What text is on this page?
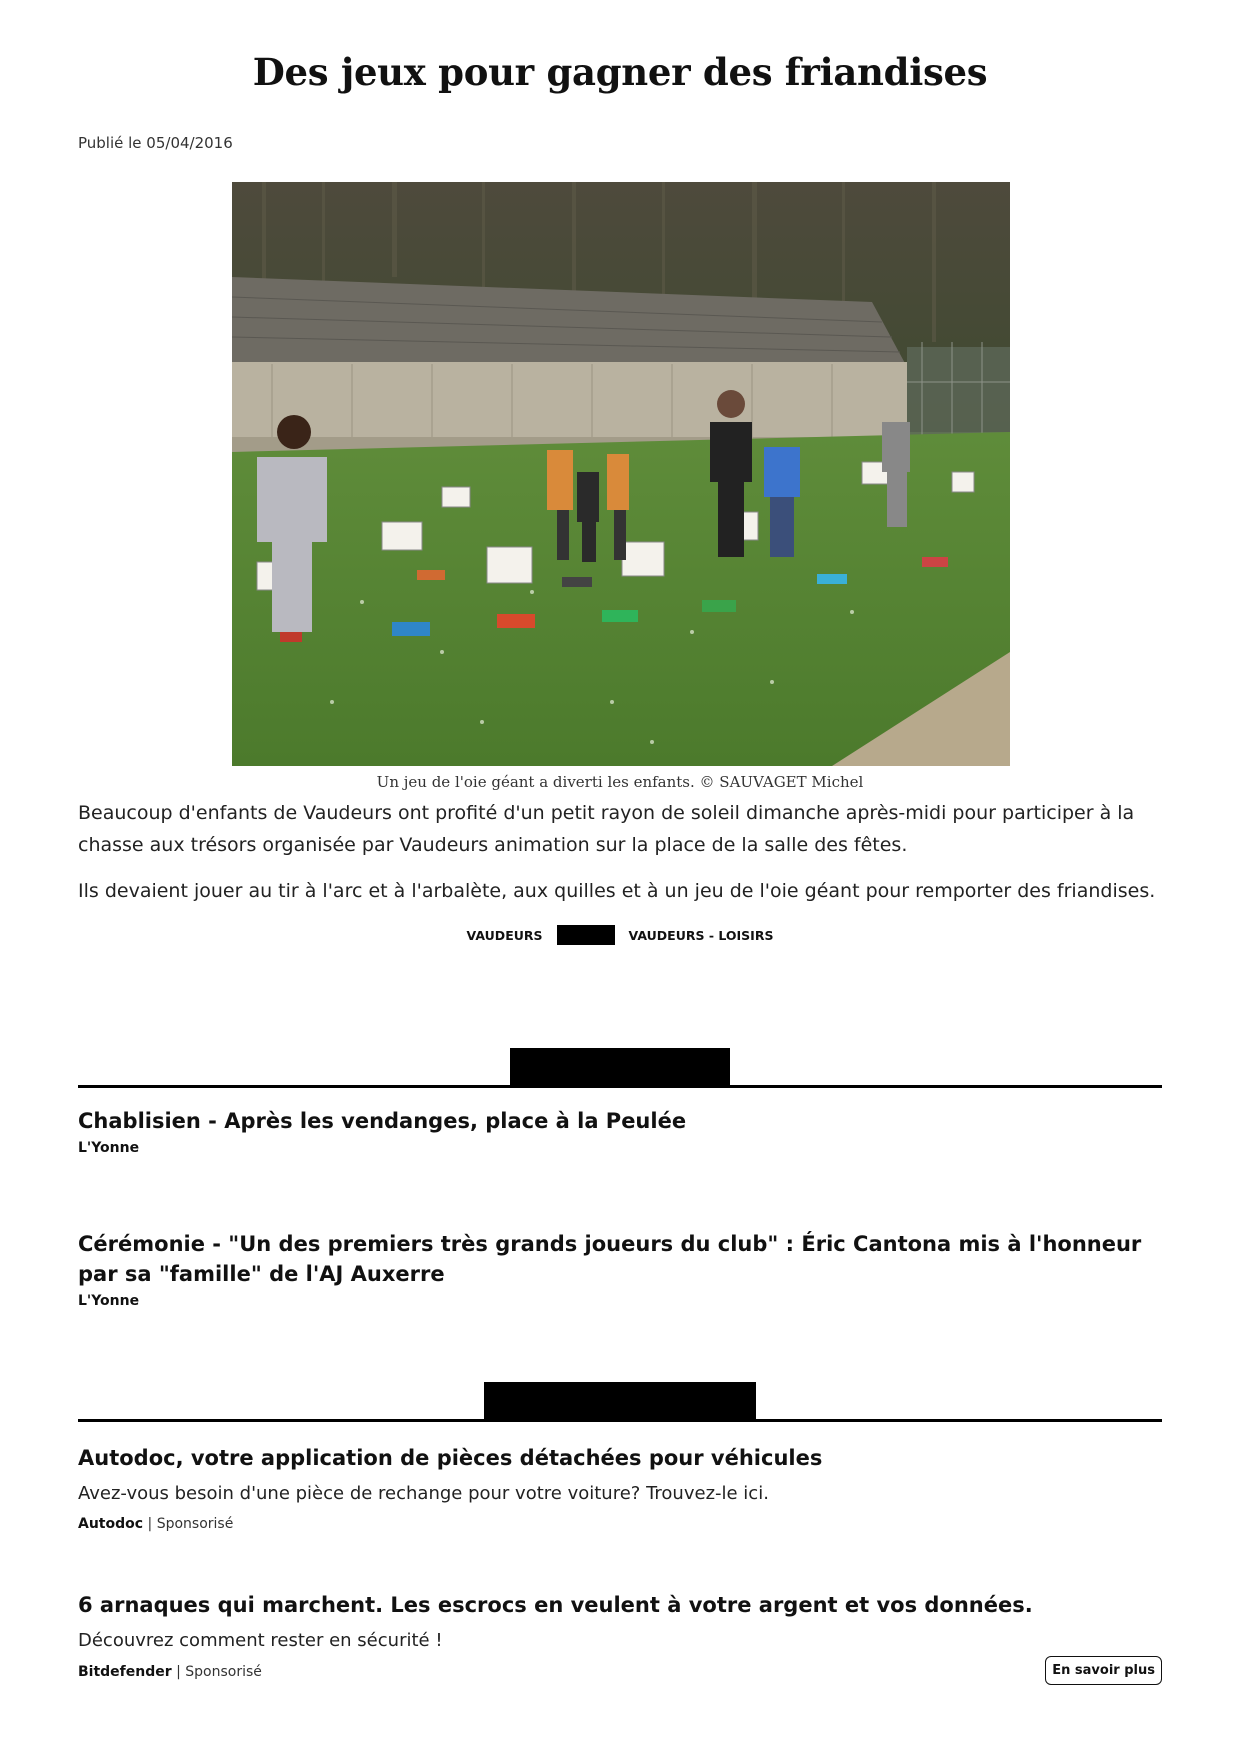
Des jeux pour gagner des friandises
Publié le 05/04/2016
Un jeu de l'oie géant a diverti les enfants. © SAUVAGET Michel

Beaucoup d'enfants de Vaudeurs ont profité d'un petit rayon de soleil dimanche après-midi pour participer à la chasse aux trésors organisée par Vaudeurs animation sur la place de la salle des fêtes.

Ils devaient jouer au tir à l'arc et à l'arbalète, aux quilles et à un jeu de l'oie géant pour remporter des friandises.

VAUDEURS	VAUDEURS - LOISIRS
Chablisien - Après les vendanges, place à la Peulée
L'Yonne
Cérémonie - "Un des premiers très grands joueurs du club" : Éric Cantona mis à l'honneur par sa "famille" de l'AJ Auxerre
L'Yonne
Autodoc, votre application de pièces détachées pour véhicules
Avez-vous besoin d'une pièce de rechange pour votre voiture? Trouvez-le ici.
Autodoc | Sponsorisé
6 arnaques qui marchent. Les escrocs en veulent à votre argent et vos données.
Découvrez comment rester en sécurité !
Bitdefender | Sponsorisé	En savoir plus
